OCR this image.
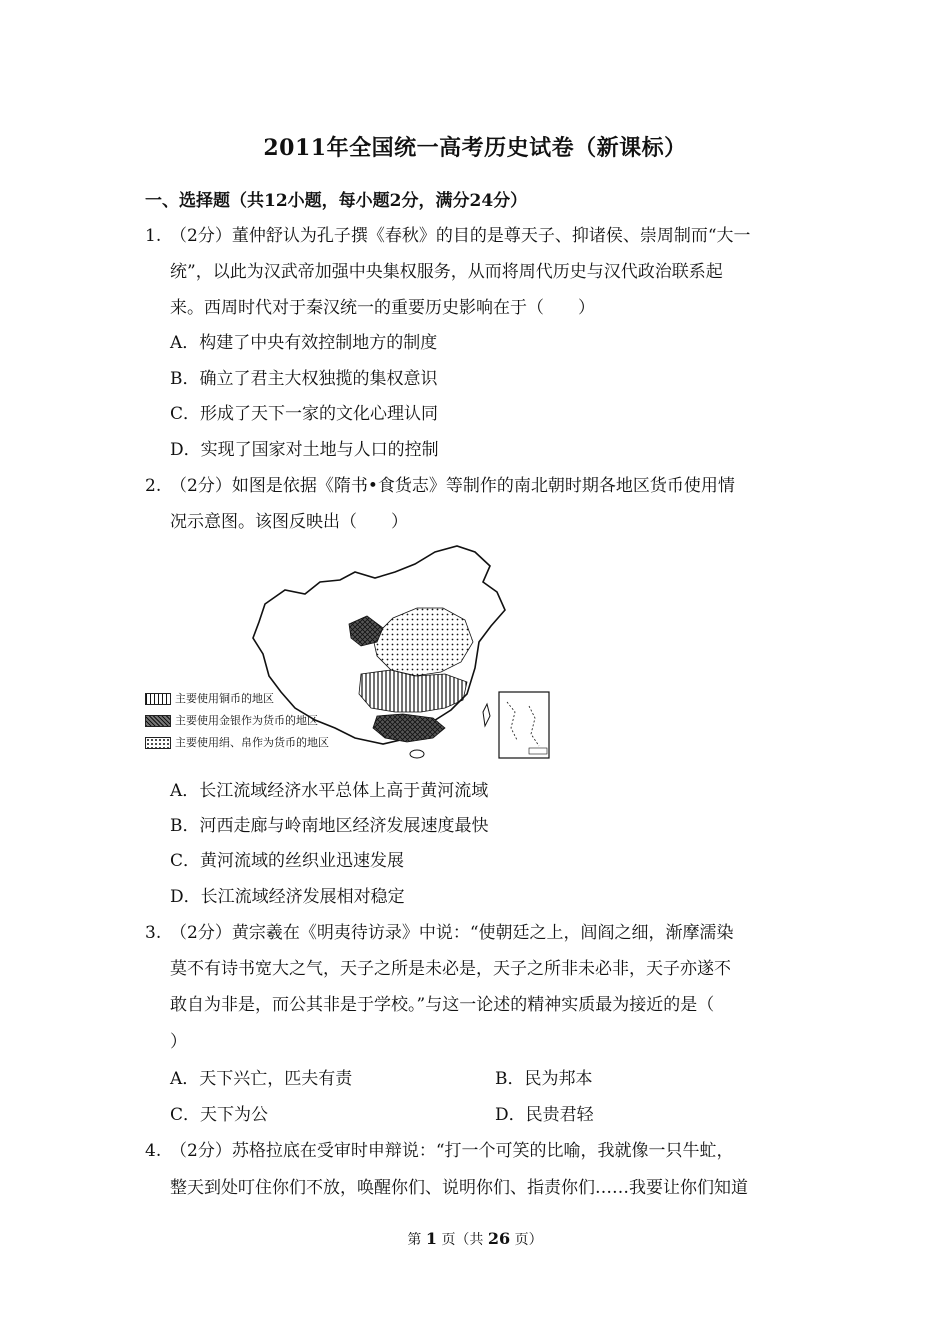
2011年全国统一高考历史试卷（新课标）
一、选择题（共12小题，每小题2分，满分24分）
1. （2分）董仲舒认为孔子撰《春秋》的目的是尊天子、抑诸侯、崇周制而“大一
统”，以此为汉武帝加强中央集权服务，从而将周代历史与汉代政治联系起
来。西周时代对于秦汉统一的重要历史影响在于（　　）
A．构建了中央有效控制地方的制度
B．确立了君主大权独揽的集权意识
C．形成了天下一家的文化心理认同
D．实现了国家对土地与人口的控制
2. （2分）如图是依据《隋书•食货志》等制作的南北朝时期各地区货币使用情
况示意图。该图反映出（　　）
主要使用铜币的地区
主要使用金银作为货币的地区
主要使用绢、帛作为货币的地区
A．长江流域经济水平总体上高于黄河流域
B．河西走廊与岭南地区经济发展速度最快
C．黄河流域的丝织业迅速发展
D．长江流域经济发展相对稳定
3. （2分）黄宗羲在《明夷待访录》中说：“使朝廷之上，闾阎之细，渐摩濡染
莫不有诗书宽大之气，天子之所是未必是，天子之所非未必非，天子亦遂不
敢自为非是，而公其非是于学校。”与这一论述的精神实质最为接近的是（
）
A．天下兴亡，匹夫有责	B．民为邦本
C．天下为公	D．民贵君轻
4. （2分）苏格拉底在受审时申辩说：“打一个可笑的比喻，我就像一只牛虻，
整天到处叮住你们不放，唤醒你们、说明你们、指责你们……我要让你们知道
第 1 页（共 26 页）
